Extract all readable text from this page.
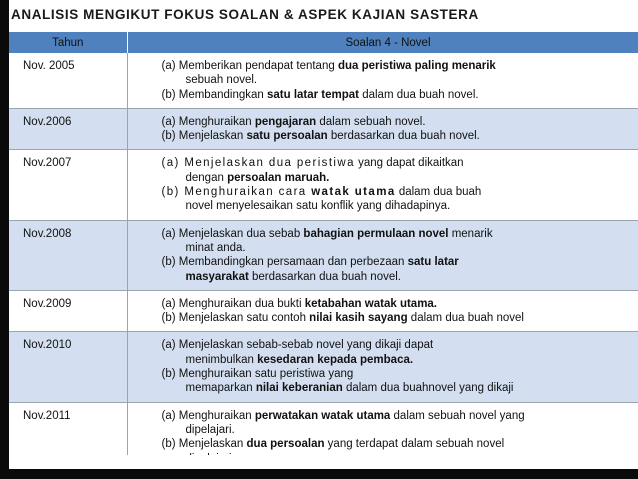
ANALISIS MENGIKUT FOKUS SOALAN & ASPEK KAJIAN SASTERA
Tahun	Soalan 4 - Novel
Nov. 2005	(a) Memberikan pendapat tentang dua peristiwa paling menarik
sebuah novel.
(b) Membandingkan satu latar tempat dalam dua buah novel.

Nov.2006	(a) Menghuraikan pengajaran dalam sebuah novel.
(b) Menjelaskan satu persoalan berdasarkan dua buah novel.

Nov.2007	(a) Menjelaskan dua peristiwa yang dapat dikaitkan
dengan persoalan maruah.
(b) Menghuraikan cara watak utama dalam dua buah
novel menyelesaikan satu konflik yang dihadapinya.

Nov.2008	(a) Menjelaskan dua sebab bahagian permulaan novel menarik
minat anda.
(b) Membandingkan persamaan dan perbezaan satu latar
masyarakat berdasarkan dua buah novel.

Nov.2009	(a) Menghuraikan dua bukti ketabahan watak utama.
(b) Menjelaskan satu contoh nilai kasih sayang dalam dua buah novel

Nov.2010	(a) Menjelaskan sebab-sebab novel yang dikaji dapat
menimbulkan kesedaran kepada pembaca.
(b) Menghuraikan satu peristiwa yang
memaparkan nilai keberanian dalam dua buahnovel yang dikaji

Nov.2011	(a) Menghuraikan perwatakan watak utama dalam sebuah novel yang
dipelajari.
(b) Menjelaskan dua persoalan yang terdapat dalam sebuah novel
